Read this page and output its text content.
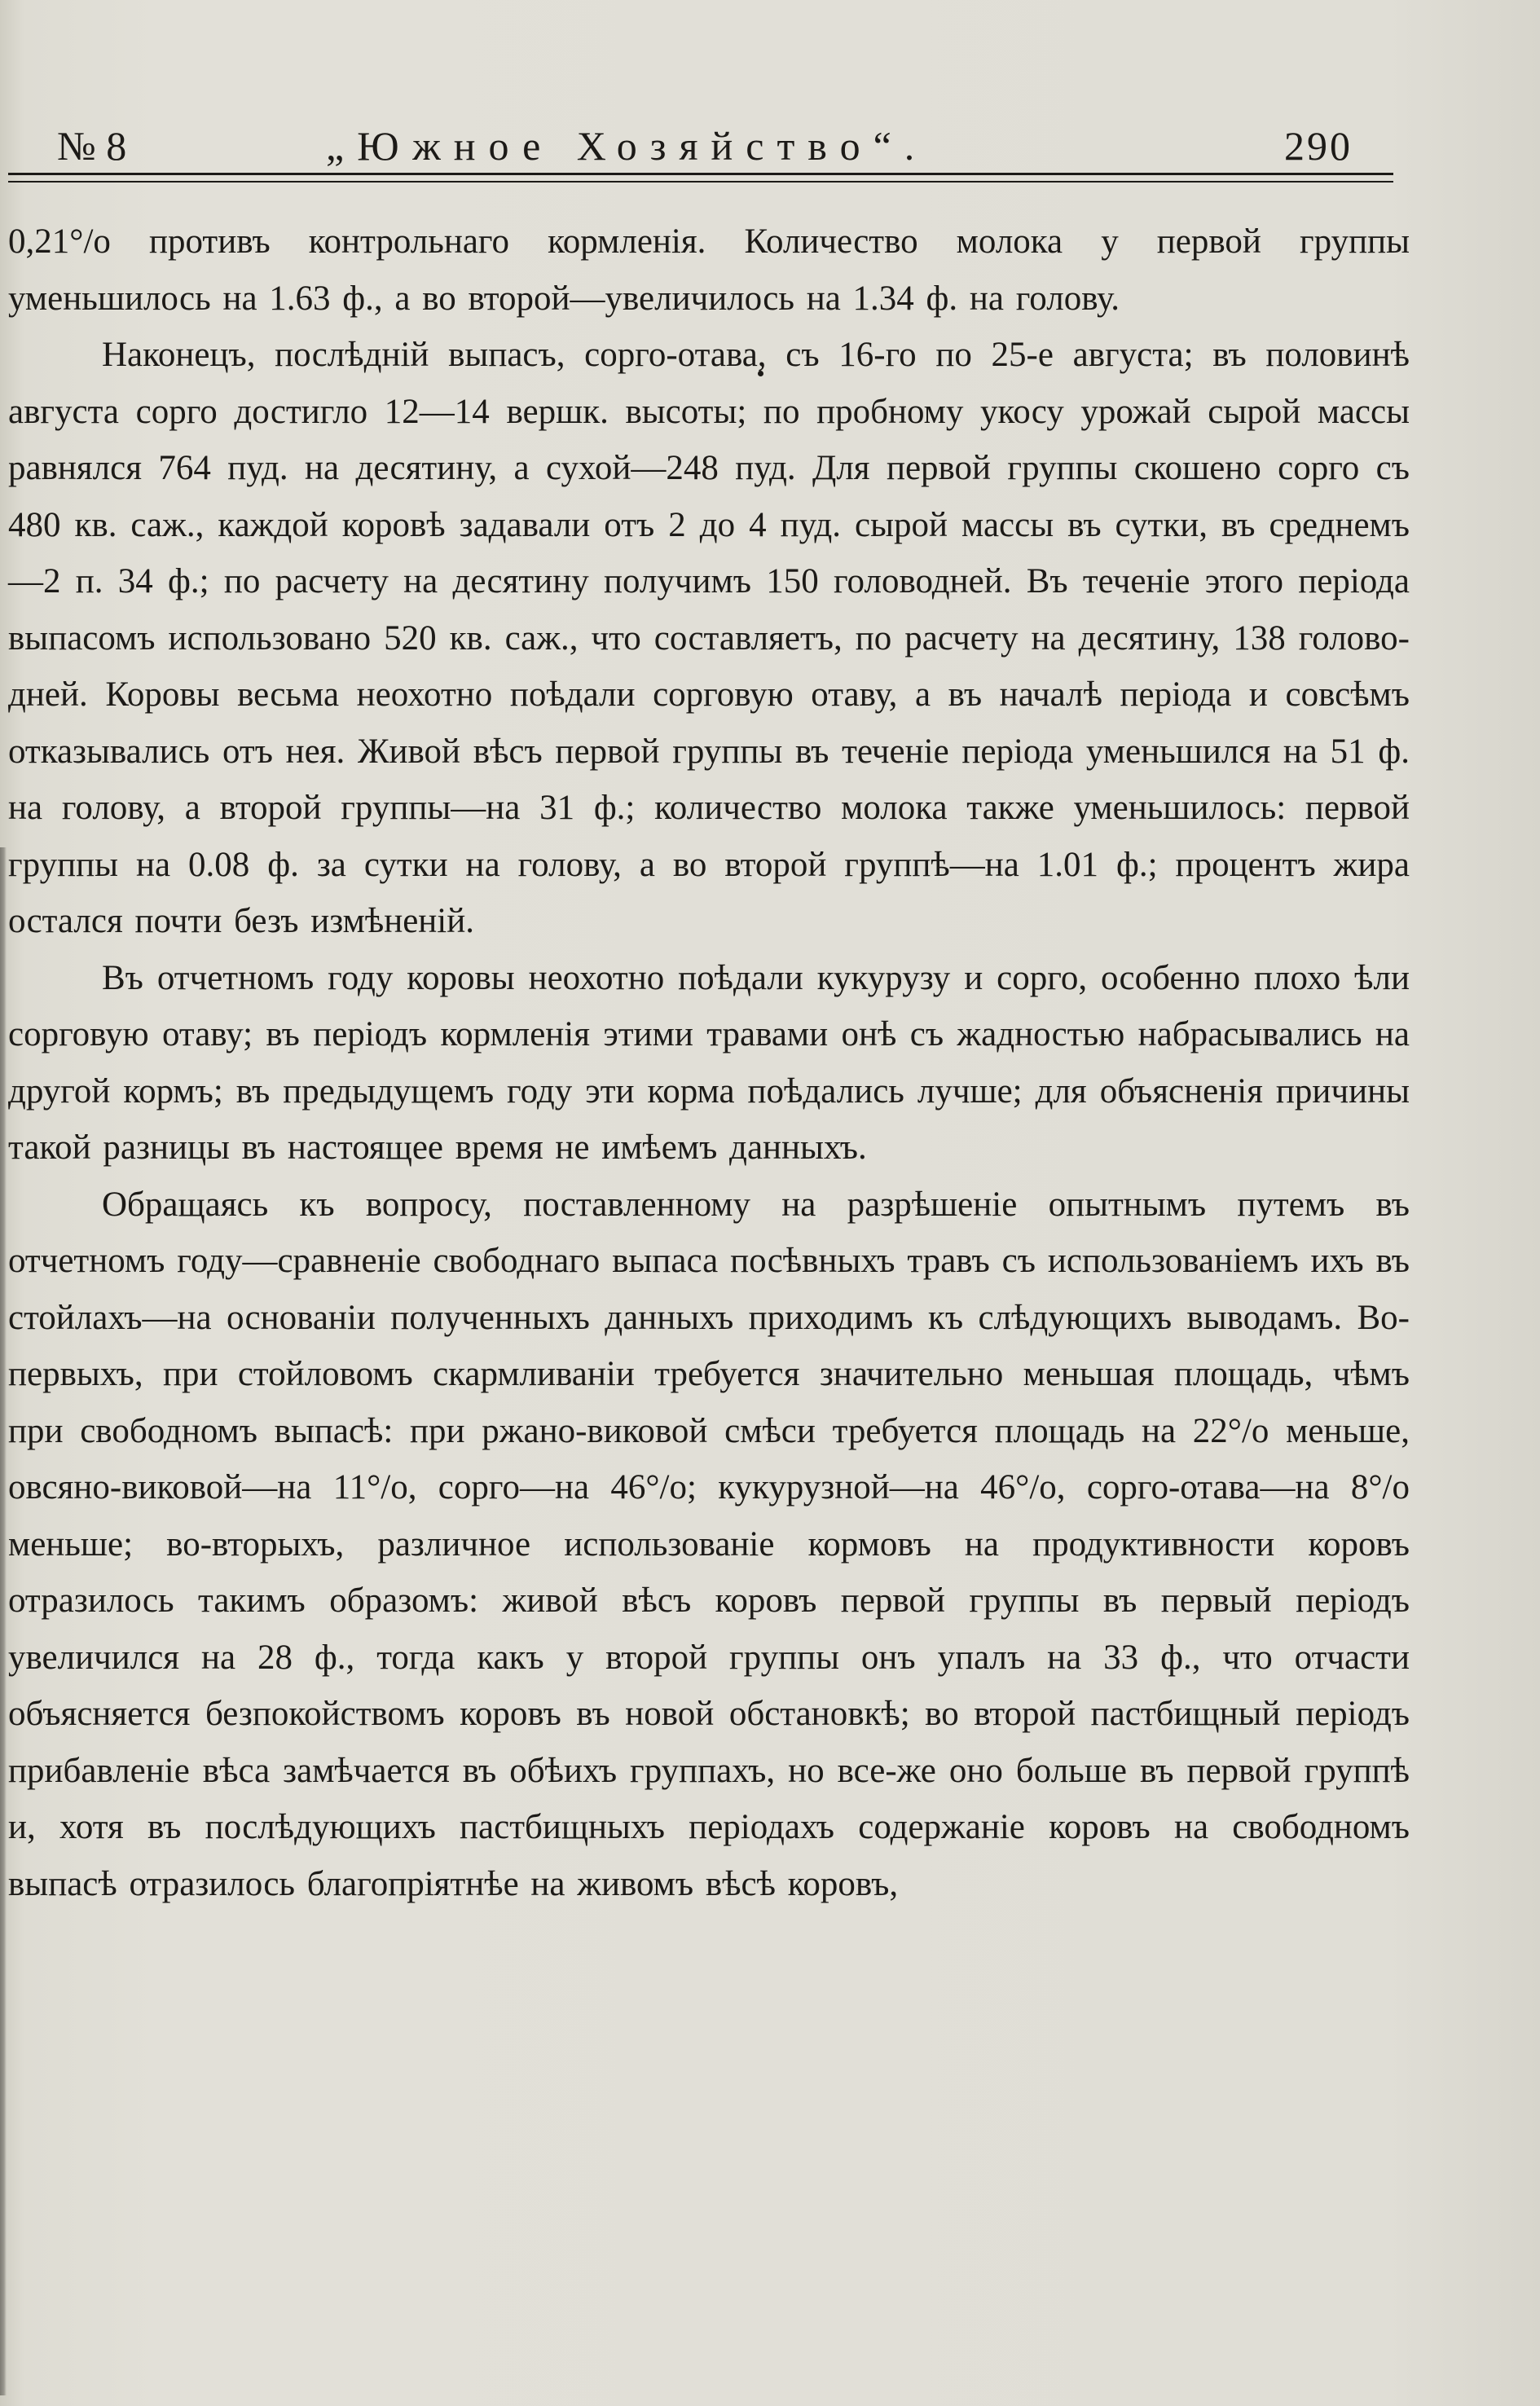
№ 8	„Южное Хозяйство“.	290

0,21°/o противъ контрольнаго кормленія. Количество молока у первой группы уменьшилось на 1.63 ф., а во второй—увеличилось на 1.34 ф. на голову.

Наконецъ, послѣдній выпасъ, сорго-отава, съ 16-го по 25-е августа; въ половинѣ августа сорго достигло 12—14 вершк. высоты; по пробному укосу урожай сырой массы равнялся 764 пуд. на десятину, а сухой—248 пуд. Для первой группы скошено сорго съ 480 кв. саж., каждой коровѣ задавали отъ 2 до 4 пуд. сырой массы въ сутки, въ среднемъ—2 п. 34 ф.; по расчету на десятину получимъ 150 головодней. Въ теченіе этого періода выпасомъ использовано 520 кв. саж., что составляетъ, по расчету на десятину, 138 голово-дней. Коровы весьма неохотно поѣдали сорговую отаву, а въ началѣ періода и совсѣмъ отказывались отъ нея. Живой вѣсъ первой группы въ теченіе періода уменьшился на 51 ф. на голову, а второй группы—на 31 ф.; количество молока также уменьшилось: первой группы на 0.08 ф. за сутки на голову, а во второй группѣ—на 1.01 ф.; процентъ жира остался почти безъ измѣненій.

Въ отчетномъ году коровы неохотно поѣдали кукурузу и сорго, особенно плохо ѣли сорговую отаву; въ періодъ кормленія этими травами онѣ съ жадностью набрасывались на другой кормъ; въ предыдущемъ году эти корма поѣдались лучше; для объясненія причины такой разницы въ настоящее время не имѣемъ данныхъ.

Обращаясь къ вопросу, поставленному на разрѣшеніе опытнымъ путемъ въ отчетномъ году—сравненіе свободнаго выпаса посѣвныхъ травъ съ использованіемъ ихъ въ стойлахъ—на основаніи полученныхъ данныхъ приходимъ къ слѣдующихъ выводамъ. Во-первыхъ, при стойловомъ скармливаніи требуется значительно меньшая площадь, чѣмъ при свободномъ выпасѣ: при ржано-виковой смѣси требуется площадь на 22°/o меньше, овсяно-виковой—на 11°/o, сорго—на 46°/o; кукурузной—на 46°/o, сорго-отава—на 8°/o меньше; во-вторыхъ, различное использованіе кормовъ на продуктивности коровъ отразилось такимъ образомъ: живой вѣсъ коровъ первой группы въ первый періодъ увеличился на 28 ф., тогда какъ у второй группы онъ упалъ на 33 ф., что отчасти объясняется безпокойствомъ коровъ въ новой обстановкѣ; во второй пастбищный періодъ прибавленіе вѣса замѣчается въ обѣихъ группахъ, но все-же оно больше въ первой группѣ и, хотя въ послѣдующихъ пастбищныхъ періодахъ содержаніе коровъ на свободномъ выпасѣ отразилось благопріятнѣе на живомъ вѣсѣ коровъ,
